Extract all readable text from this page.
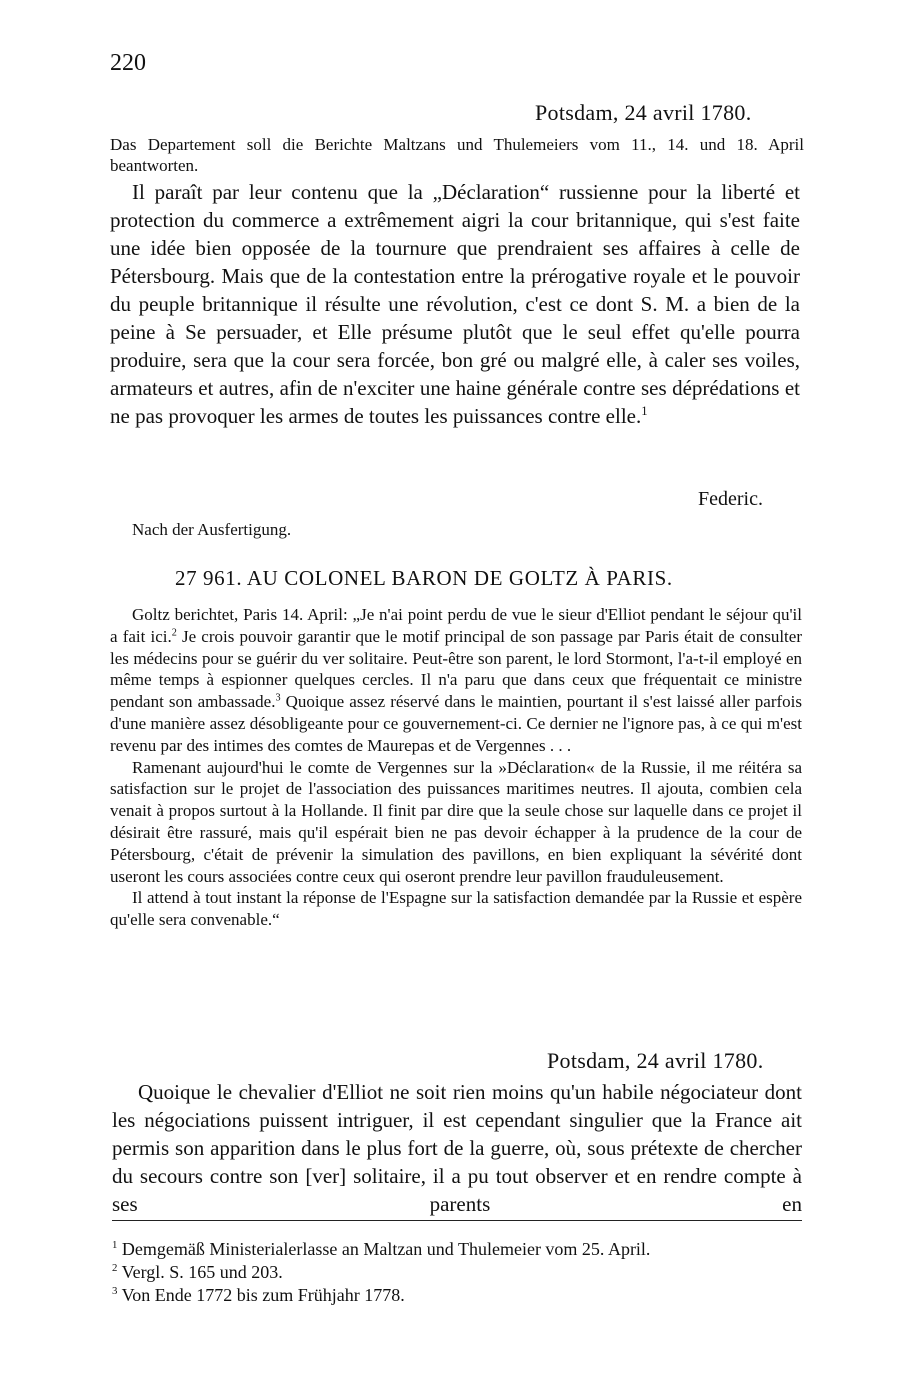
220
Potsdam, 24 avril 1780.
Das Departement soll die Berichte Maltzans und Thulemeiers vom 11., 14. und 18. April beantworten.

Il paraît par leur contenu que la „Déclaration“ russienne pour la liberté et protection du commerce a extrêmement aigri la cour britannique, qui s'est faite une idée bien opposée de la tournure que prendraient ses affaires à celle de Pétersbourg. Mais que de la contestation entre la prérogative royale et le pouvoir du peuple britannique il résulte une révolution, c'est ce dont S. M. a bien de la peine à Se persuader, et Elle présume plutôt que le seul effet qu'elle pourra produire, sera que la cour sera forcée, bon gré ou malgré elle, à caler ses voiles, armateurs et autres, afin de n'exciter une haine générale contre ses déprédations et ne pas provoquer les armes de toutes les puissances contre elle.$^1$

Federic.
Nach der Ausfertigung.
27 961. AU COLONEL BARON DE GOLTZ À PARIS.

Goltz berichtet, Paris 14. April: „Je n'ai point perdu de vue le sieur d'Elliot pendant le séjour qu'il a fait ici.$^2$ Je crois pouvoir garantir que le motif principal de son passage par Paris était de consulter les médecins pour se guérir du ver solitaire. Peut-être son parent, le lord Stormont, l'a-t-il employé en même temps à espionner quelques cercles. Il n'a paru que dans ceux que fréquentait ce ministre pendant son ambassade.$^3$ Quoique assez réservé dans le maintien, pourtant il s'est laissé aller parfois d'une manière assez désobligeante pour ce gouvernement-ci. Ce dernier ne l'ignore pas, à ce qui m'est revenu par des intimes des comtes de Maurepas et de Vergennes . . .

Ramenant aujourd'hui le comte de Vergennes sur la »Déclaration« de la Russie, il me réitéra sa satisfaction sur le projet de l'association des puissances maritimes neutres. Il ajouta, combien cela venait à propos surtout à la Hollande. Il finit par dire que la seule chose sur laquelle dans ce projet il désirait être rassuré, mais qu'il espérait bien ne pas devoir échapper à la prudence de la cour de Pétersbourg, c'était de prévenir la simulation des pavillons, en bien expliquant la sévérité dont useront les cours associées contre ceux qui oseront prendre leur pavillon frauduleusement.

Il attend à tout instant la réponse de l'Espagne sur la satisfaction demandée par la Russie et espère qu'elle sera convenable.“

Potsdam, 24 avril 1780.

Quoique le chevalier d'Elliot ne soit rien moins qu'un habile négociateur dont les négociations puissent intriguer, il est cependant singulier que la France ait permis son apparition dans le plus fort de la guerre, où, sous prétexte de chercher du secours contre son [ver] solitaire, il a pu tout observer et en rendre compte à ses parents en

$^1$ Demgemäß Ministerialerlasse an Maltzan und Thulemeier vom 25. April.
$^2$ Vergl. S. 165 und 203.
$^3$ Von Ende 1772 bis zum Frühjahr 1778.
